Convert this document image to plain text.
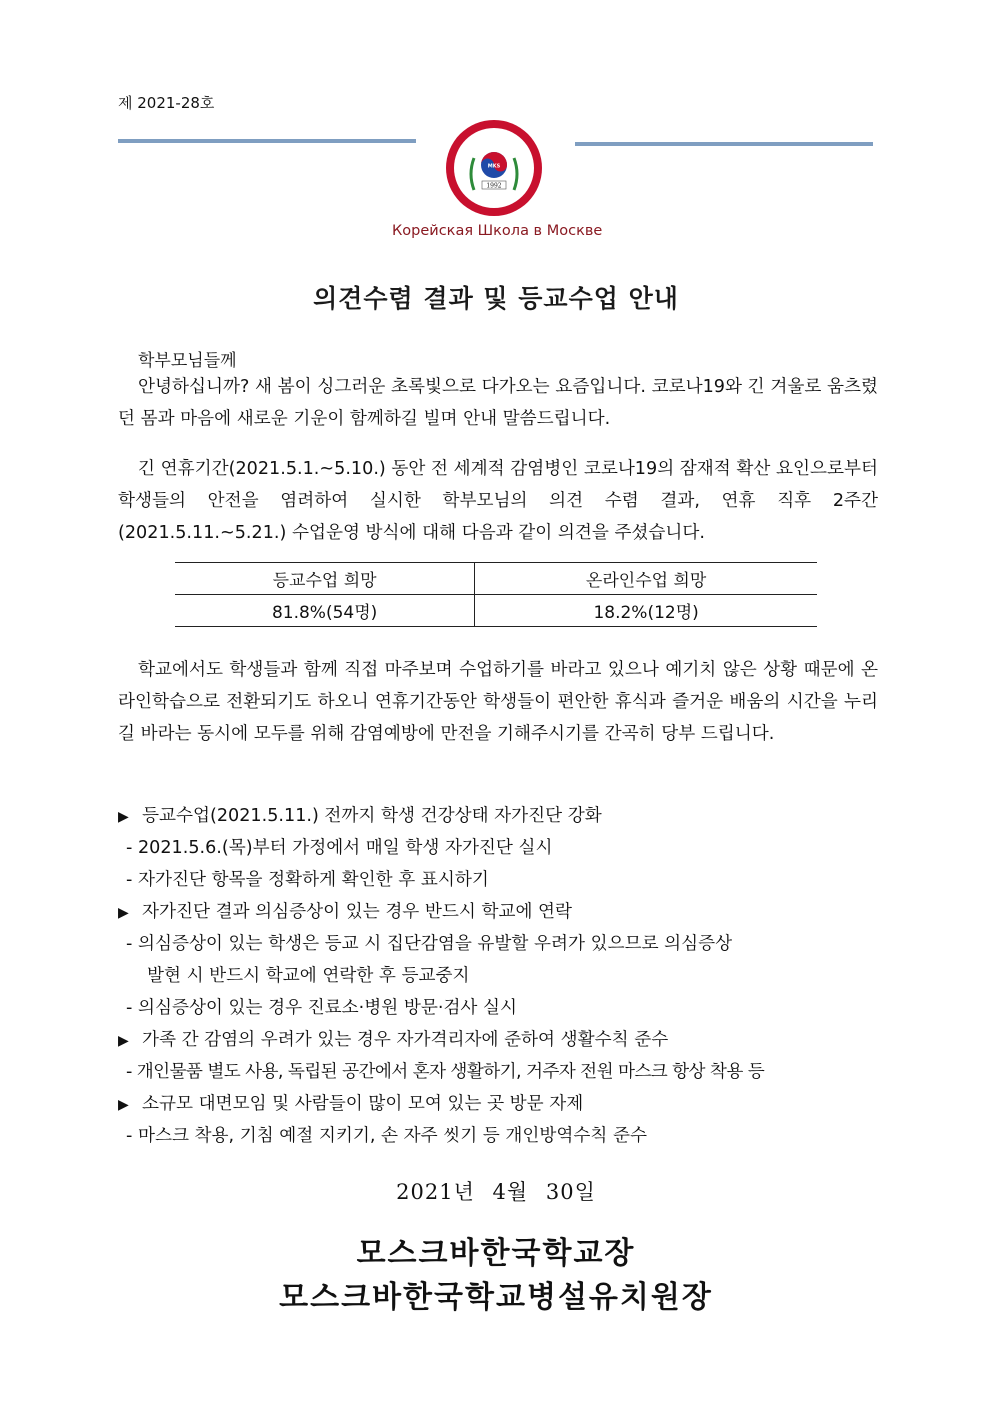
제 2021-28호
MOSCOW KOREAN SCHOOL
MKS
1992
모스크바한국학교
Корейская Школа в Москве
의견수렴 결과 및 등교수업 안내
학부모님들께

안녕하십니까? 새 봄이 싱그러운 초록빛으로 다가오는 요즘입니다. 코로나19와 긴 겨울로 움츠렸던 몸과 마음에 새로운 기운이 함께하길 빌며 안내 말씀드립니다.

긴 연휴기간(2021.5.1.~5.10.) 동안 전 세계적 감염병인 코로나19의 잠재적 확산 요인으로부터 학생들의 안전을 염려하여 실시한 학부모님의 의견 수렴 결과, 연휴 직후 2주간(2021.5.11.~5.21.) 수업운영 방식에 대해 다음과 같이 의견을 주셨습니다.

등교수업 희망	온라인수업 희망
81.8%(54명)	18.2%(12명)

학교에서도 학생들과 함께 직접 마주보며 수업하기를 바라고 있으나 예기치 않은 상황 때문에 온라인학습으로 전환되기도 하오니 연휴기간동안 학생들이 편안한 휴식과 즐거운 배움의 시간을 누리길 바라는 동시에 모두를 위해 감염예방에 만전을 기해주시기를 간곡히 당부 드립니다.

▶ 등교수업(2021.5.11.) 전까지 학생 건강상태 자가진단 강화
- 2021.5.6.(목)부터 가정에서 매일 학생 자가진단 실시
- 자가진단 항목을 정확하게 확인한 후 표시하기
▶ 자가진단 결과 의심증상이 있는 경우 반드시 학교에 연락
- 의심증상이 있는 학생은 등교 시 집단감염을 유발할 우려가 있으므로 의심증상
발현 시 반드시 학교에 연락한 후 등교중지
- 의심증상이 있는 경우 진료소·병원 방문·검사 실시
▶ 가족 간 감염의 우려가 있는 경우 자가격리자에 준하여 생활수칙 준수
- 개인물품 별도 사용, 독립된 공간에서 혼자 생활하기, 거주자 전원 마스크 항상 착용 등
▶ 소규모 대면모임 및 사람들이 많이 모여 있는 곳 방문 자제
- 마스크 착용, 기침 예절 지키기, 손 자주 씻기 등 개인방역수칙 준수
2021년 4월 30일
모스크바한국학교장
모스크바한국학교병설유치원장
